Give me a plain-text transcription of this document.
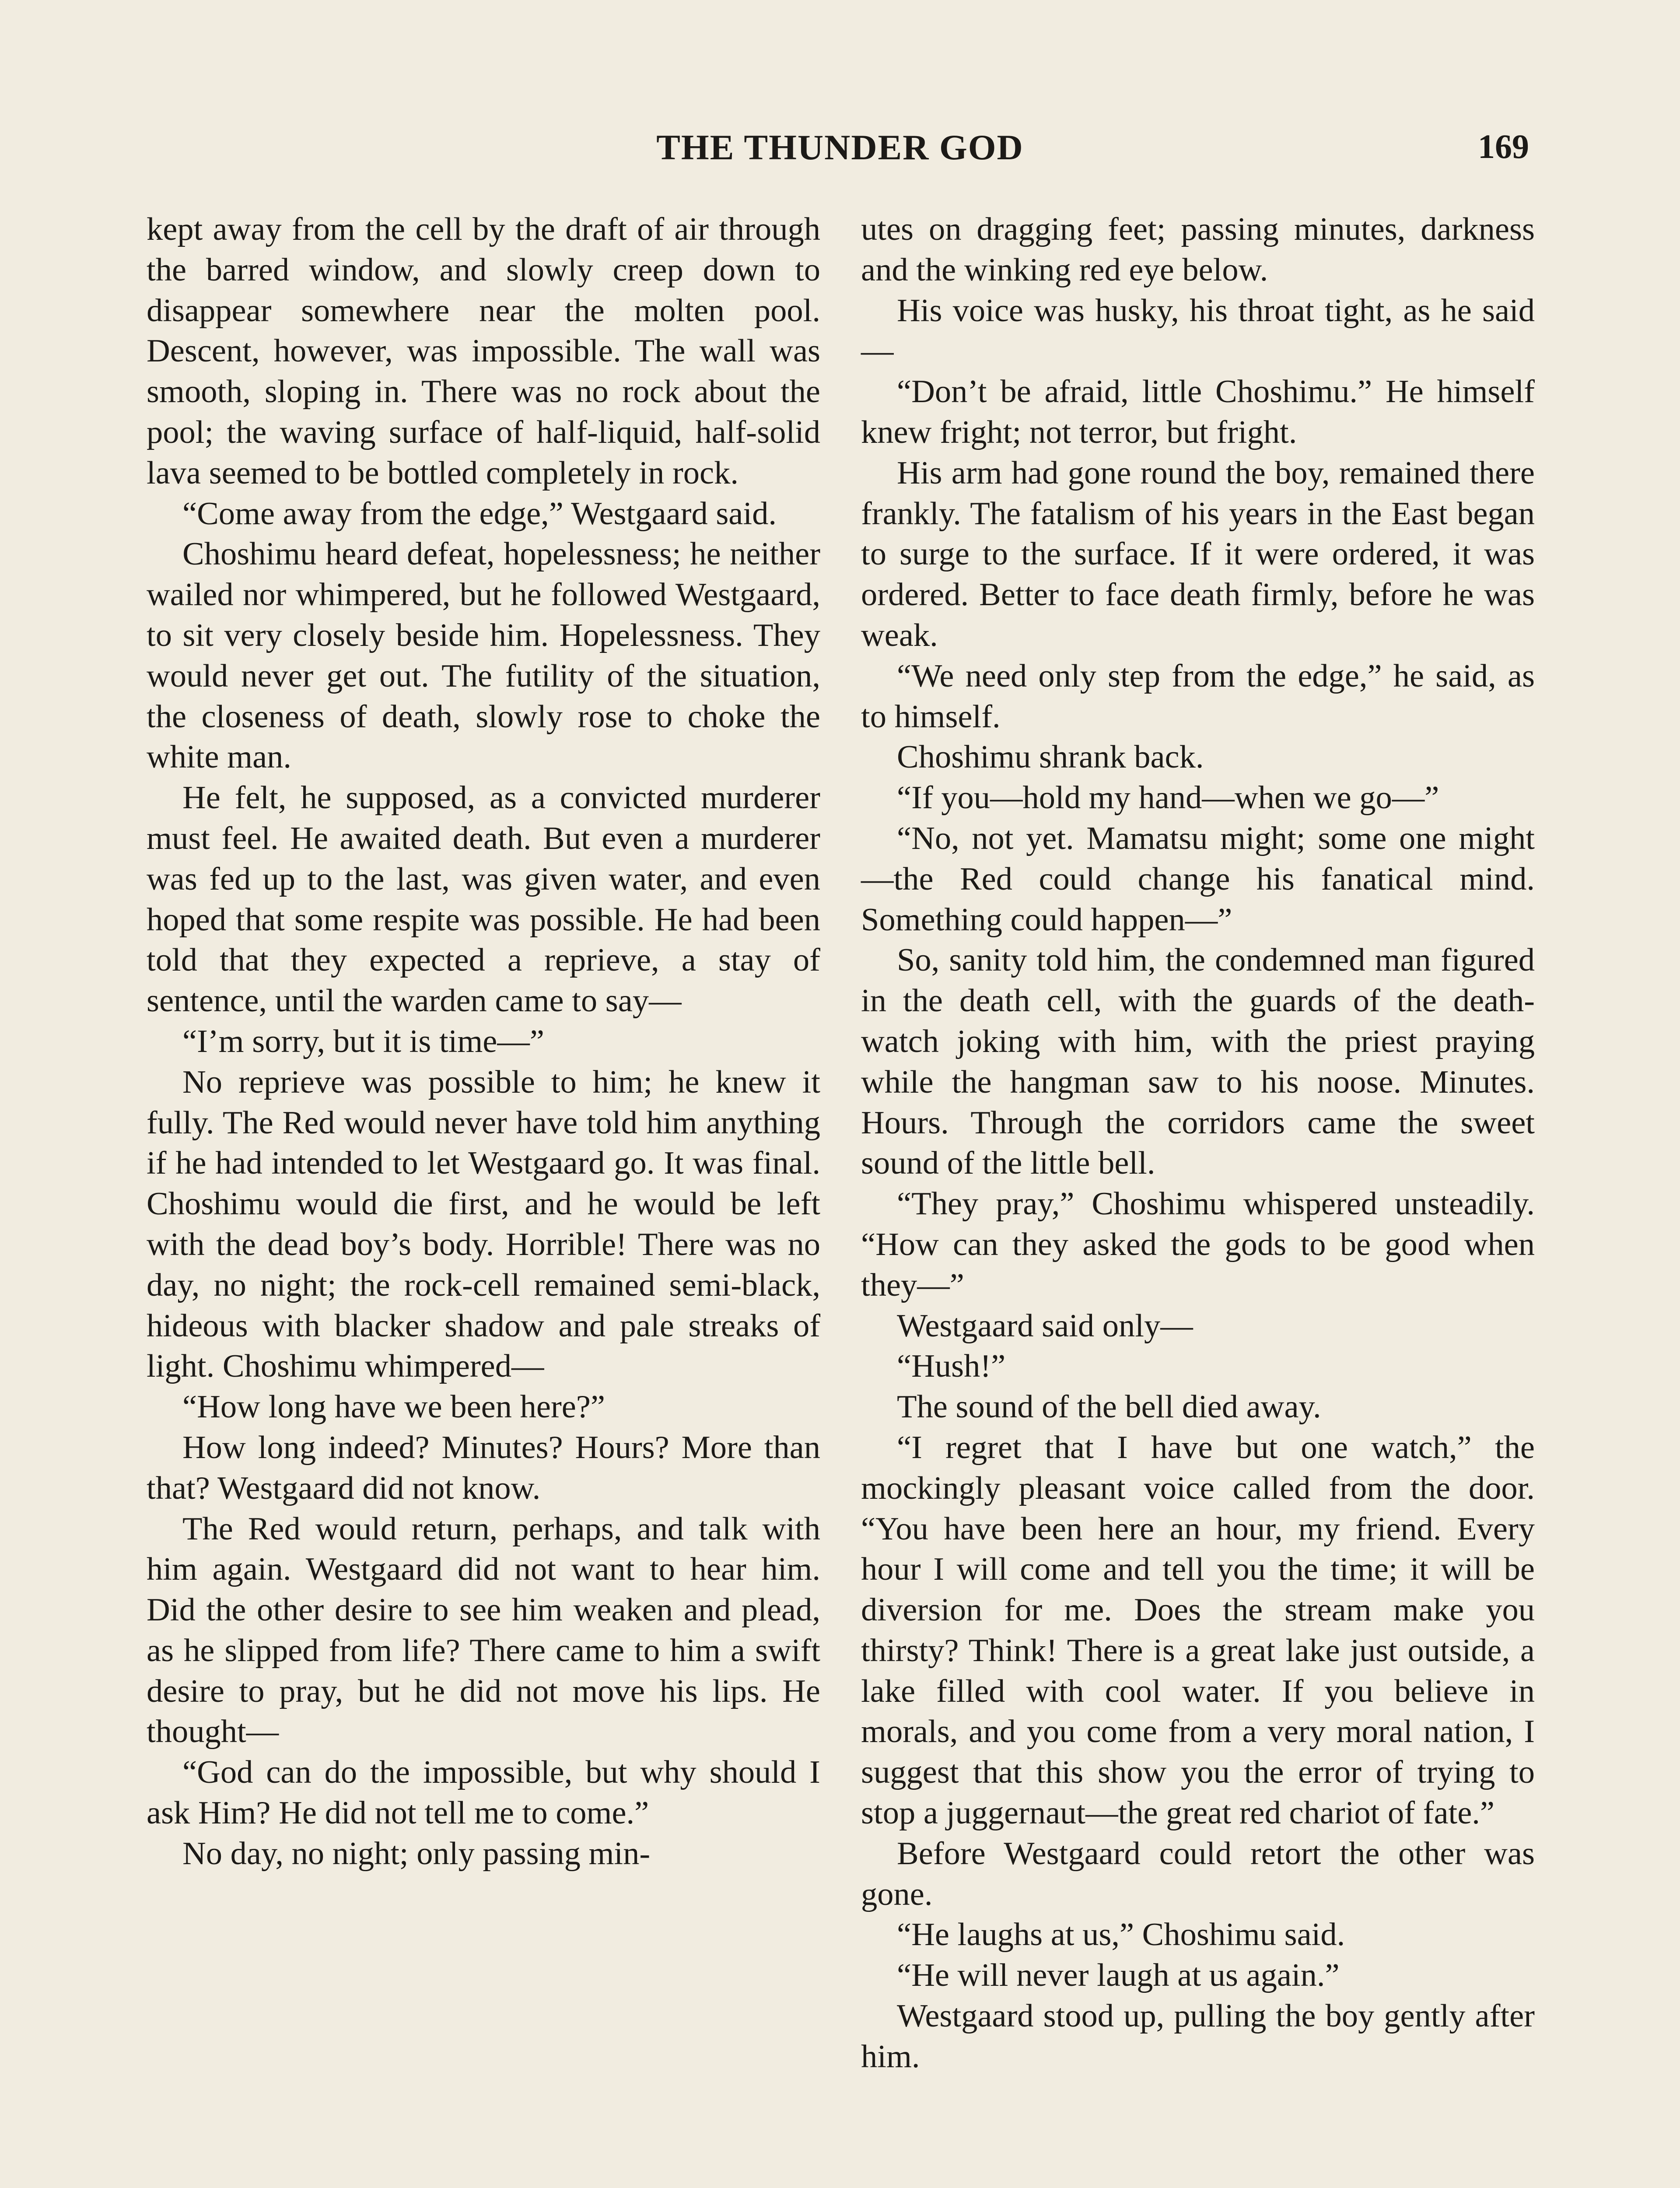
THE THUNDER GOD	169

kept away from the cell by the draft of air through the barred window, and slowly creep down to disappear somewhere near the molten pool. Descent, however, was impossible. The wall was smooth, sloping in. There was no rock about the pool; the waving surface of half-liquid, half-solid lava seemed to be bottled completely in rock.

“Come away from the edge,” Westgaard said.

Choshimu heard defeat, hopelessness; he neither wailed nor whimpered, but he followed Westgaard, to sit very closely beside him. Hopelessness. They would never get out. The futility of the situation, the closeness of death, slowly rose to choke the white man.

He felt, he supposed, as a convicted murderer must feel. He awaited death. But even a murderer was fed up to the last, was given water, and even hoped that some respite was possible. He had been told that they expected a reprieve, a stay of sentence, until the warden came to say—

“I’m sorry, but it is time—”

No reprieve was possible to him; he knew it fully. The Red would never have told him anything if he had intended to let Westgaard go. It was final. Choshimu would die first, and he would be left with the dead boy’s body. Horrible! There was no day, no night; the rock-cell remained semi-black, hideous with blacker shadow and pale streaks of light. Choshimu whimpered—

“How long have we been here?”

How long indeed? Minutes? Hours? More than that? Westgaard did not know.

The Red would return, perhaps, and talk with him again. Westgaard did not want to hear him. Did the other desire to see him weaken and plead, as he slipped from life? There came to him a swift desire to pray, but he did not move his lips. He thought—

“God can do the impossible, but why should I ask Him? He did not tell me to come.”

No day, no night; only passing min-

utes on dragging feet; passing minutes, darkness and the winking red eye below.

His voice was husky, his throat tight, as he said—

“Don’t be afraid, little Choshimu.” He himself knew fright; not terror, but fright.

His arm had gone round the boy, remained there frankly. The fatalism of his years in the East began to surge to the surface. If it were ordered, it was ordered. Better to face death firmly, before he was weak.

“We need only step from the edge,” he said, as to himself.

Choshimu shrank back.

“If you—hold my hand—when we go—”

“No, not yet. Mamatsu might; some one might—the Red could change his fanatical mind. Something could happen—”

So, sanity told him, the condemned man figured in the death cell, with the guards of the death-watch joking with him, with the priest praying while the hangman saw to his noose. Minutes. Hours. Through the corridors came the sweet sound of the little bell.

“They pray,” Choshimu whispered unsteadily. “How can they asked the gods to be good when they—”

Westgaard said only—

“Hush!”

The sound of the bell died away.

“I regret that I have but one watch,” the mockingly pleasant voice called from the door. “You have been here an hour, my friend. Every hour I will come and tell you the time; it will be diversion for me. Does the stream make you thirsty? Think! There is a great lake just outside, a lake filled with cool water. If you believe in morals, and you come from a very moral nation, I suggest that this show you the error of trying to stop a juggernaut—the great red chariot of fate.”

Before Westgaard could retort the other was gone.

“He laughs at us,” Choshimu said.

“He will never laugh at us again.”

Westgaard stood up, pulling the boy gently after him.
